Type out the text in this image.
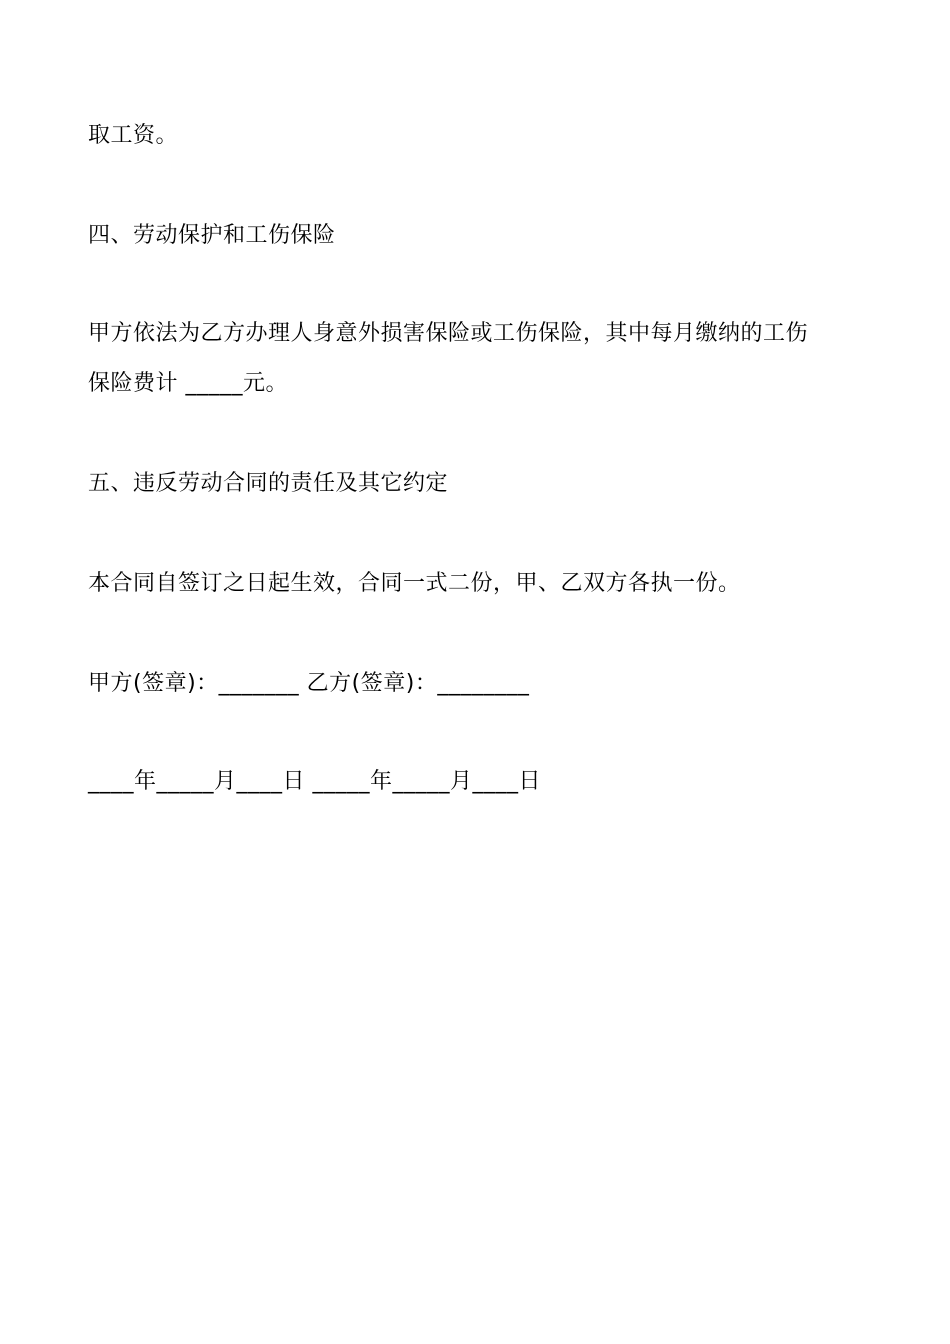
取工资。
四、劳动保护和工伤保险
甲方依法为乙方办理人身意外损害保险或工伤保险，其中每月缴纳的工伤
保险费计 _____元。
五、违反劳动合同的责任及其它约定
本合同自签订之日起生效，合同一式二份，甲、乙双方各执一份。
甲方(签章)：_______ 乙方(签章)：________
____年_____月____日 _____年_____月____日
